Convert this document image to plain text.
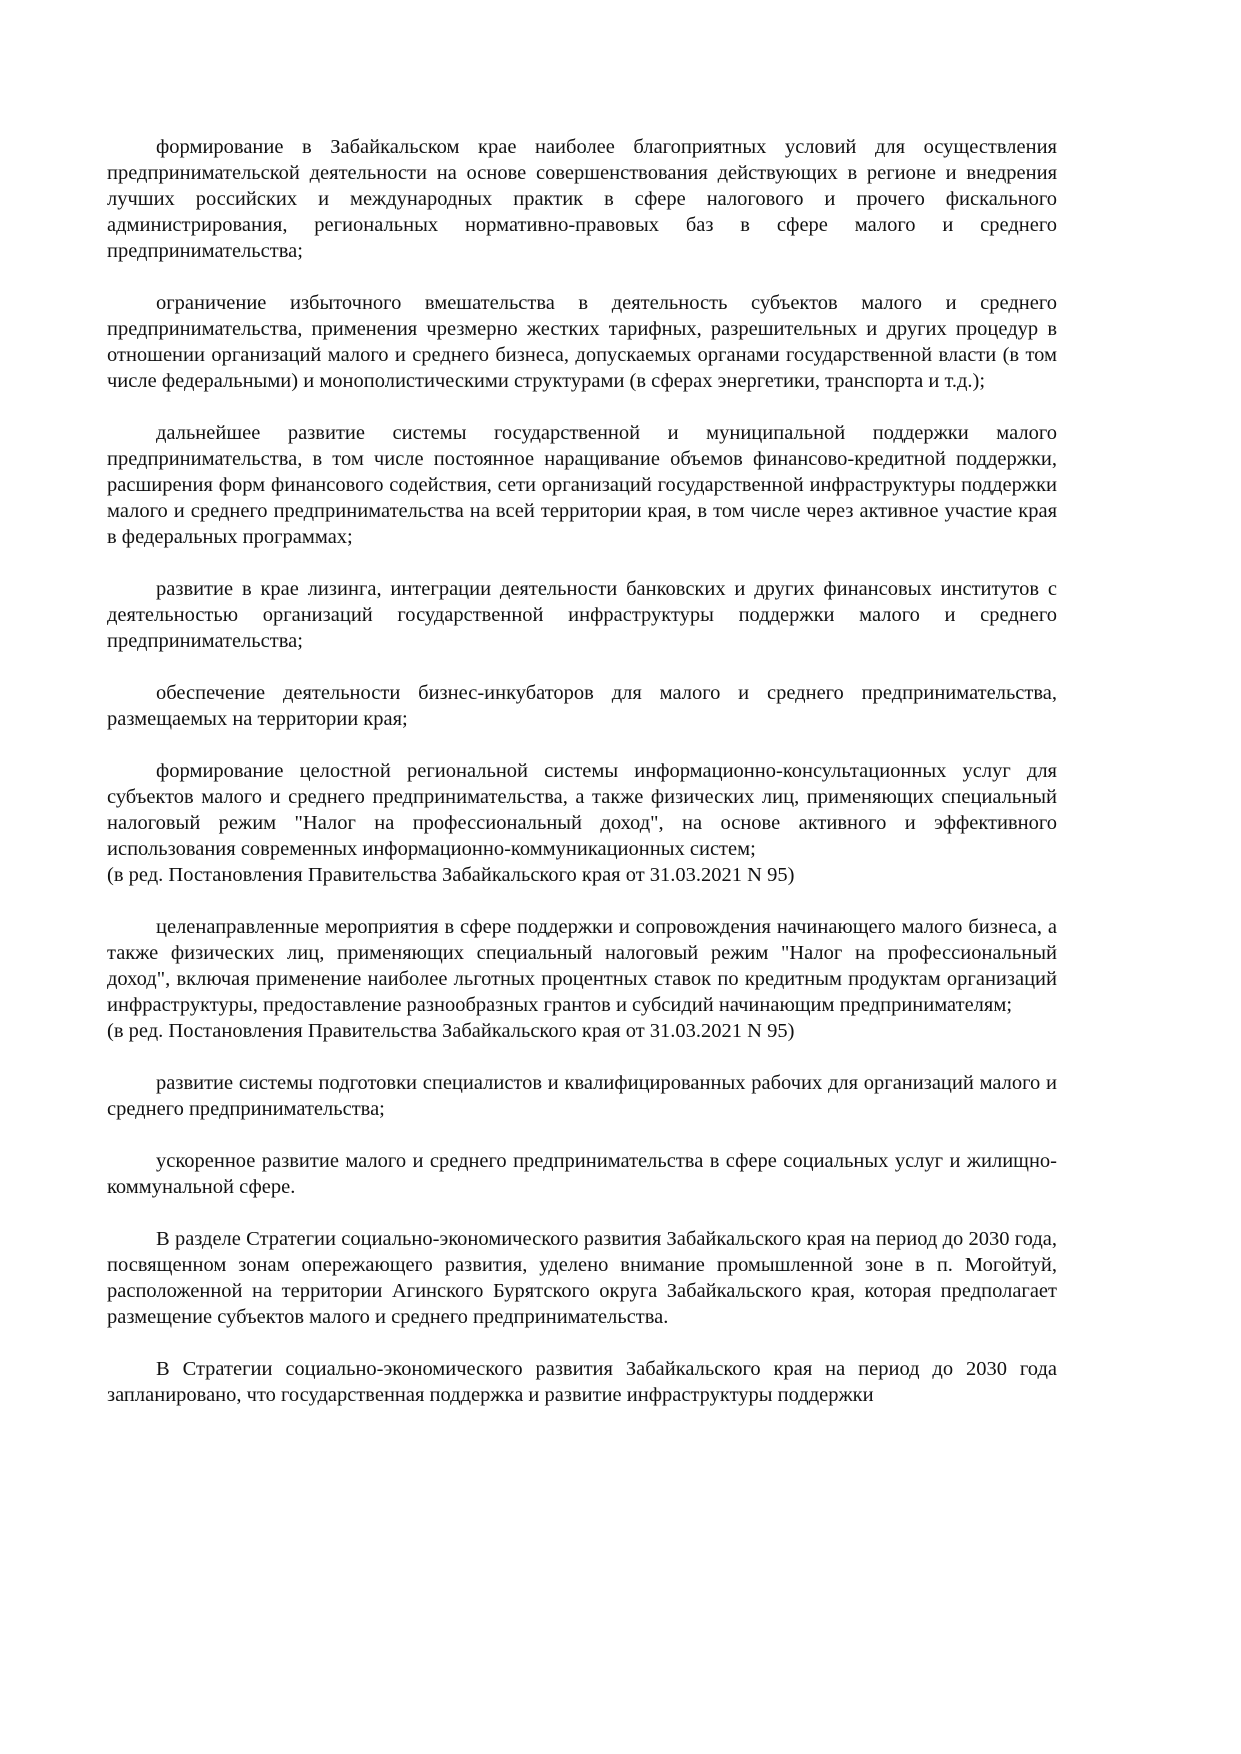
формирование в Забайкальском крае наиболее благоприятных условий для осуществления предпринимательской деятельности на основе совершенствования действующих в регионе и внедрения лучших российских и международных практик в сфере налогового и прочего фискального администрирования, региональных нормативно-правовых баз в сфере малого и среднего предпринимательства;

ограничение избыточного вмешательства в деятельность субъектов малого и среднего предпринимательства, применения чрезмерно жестких тарифных, разрешительных и других процедур в отношении организаций малого и среднего бизнеса, допускаемых органами государственной власти (в том числе федеральными) и монополистическими структурами (в сферах энергетики, транспорта и т.д.);

дальнейшее развитие системы государственной и муниципальной поддержки малого предпринимательства, в том числе постоянное наращивание объемов финансово-кредитной поддержки, расширения форм финансового содействия, сети организаций государственной инфраструктуры поддержки малого и среднего предпринимательства на всей территории края, в том числе через активное участие края в федеральных программах;

развитие в крае лизинга, интеграции деятельности банковских и других финансовых институтов с деятельностью организаций государственной инфраструктуры поддержки малого и среднего предпринимательства;

обеспечение деятельности бизнес-инкубаторов для малого и среднего предпринимательства, размещаемых на территории края;

формирование целостной региональной системы информационно-консультационных услуг для субъектов малого и среднего предпринимательства, а также физических лиц, применяющих специальный налоговый режим "Налог на профессиональный доход", на основе активного и эффективного использования современных информационно-коммуникационных систем;
(в ред. Постановления Правительства Забайкальского края от 31.03.2021 N 95)

целенаправленные мероприятия в сфере поддержки и сопровождения начинающего малого бизнеса, а также физических лиц, применяющих специальный налоговый режим "Налог на профессиональный доход", включая применение наиболее льготных процентных ставок по кредитным продуктам организаций инфраструктуры, предоставление разнообразных грантов и субсидий начинающим предпринимателям;
(в ред. Постановления Правительства Забайкальского края от 31.03.2021 N 95)

развитие системы подготовки специалистов и квалифицированных рабочих для организаций малого и среднего предпринимательства;

ускоренное развитие малого и среднего предпринимательства в сфере социальных услуг и жилищно-коммунальной сфере.

В разделе Стратегии социально-экономического развития Забайкальского края на период до 2030 года, посвященном зонам опережающего развития, уделено внимание промышленной зоне в п. Могойтуй, расположенной на территории Агинского Бурятского округа Забайкальского края, которая предполагает размещение субъектов малого и среднего предпринимательства.

В Стратегии социально-экономического развития Забайкальского края на период до 2030 года запланировано, что государственная поддержка и развитие инфраструктуры поддержки
